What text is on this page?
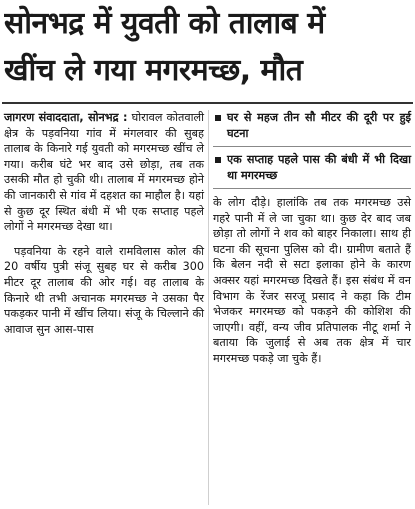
सोनभद्र में युवती को तालाब में
खींच ले गया मगरमच्छ, मौत

जागरण संवाददाता, सोनभद्र : घोरावल कोतवाली क्षेत्र के पड़वनिया गांव में मंगलवार की सुबह तालाब के किनारे गई युवती को मगरमच्छ खींच ले गया। करीब घंटे भर बाद उसे छोड़ा, तब तक उसकी मौत हो चुकी थी। तालाब में मगरमच्छ होने की जानकारी से गांव में दहशत का माहौल है। यहां से कुछ दूर स्थित बंधी में भी एक सप्ताह पहले लोगों ने मगरमच्छ देखा था।

पड़वनिया के रहने वाले रामविलास कोल की 20 वर्षीय पुत्री संजू सुबह घर से करीब 300 मीटर दूर तालाब की ओर गई। वह तालाब के किनारे थी तभी अचानक मगरमच्छ ने उसका पैर पकड़कर पानी में खींच लिया। संजू के चिल्लाने की आवाज सुन आस-पास

घर से महज तीन सौ मीटर की दूरी पर हुई घटना
एक सप्ताह पहले पास की बंधी में भी दिखा था मगरमच्छ

के लोग दौड़े। हालांकि तब तक मगरमच्छ उसे गहरे पानी में ले जा चुका था। कुछ देर बाद जब छोड़ा तो लोगों ने शव को बाहर निकाला। साथ ही घटना की सूचना पुलिस को दी। ग्रामीण बताते हैं कि बेलन नदी से सटा इलाका होने के कारण अक्सर यहां मगरमच्छ दिखते हैं। इस संबंध में वन विभाग के रेंजर सरजू प्रसाद ने कहा कि टीम भेजकर मगरमच्छ को पकड़ने की कोशिश की जाएगी। वहीं, वन्य जीव प्रतिपालक नीटू शर्मा ने बताया कि जुलाई से अब तक क्षेत्र में चार मगरमच्छ पकड़े जा चुके हैं।
